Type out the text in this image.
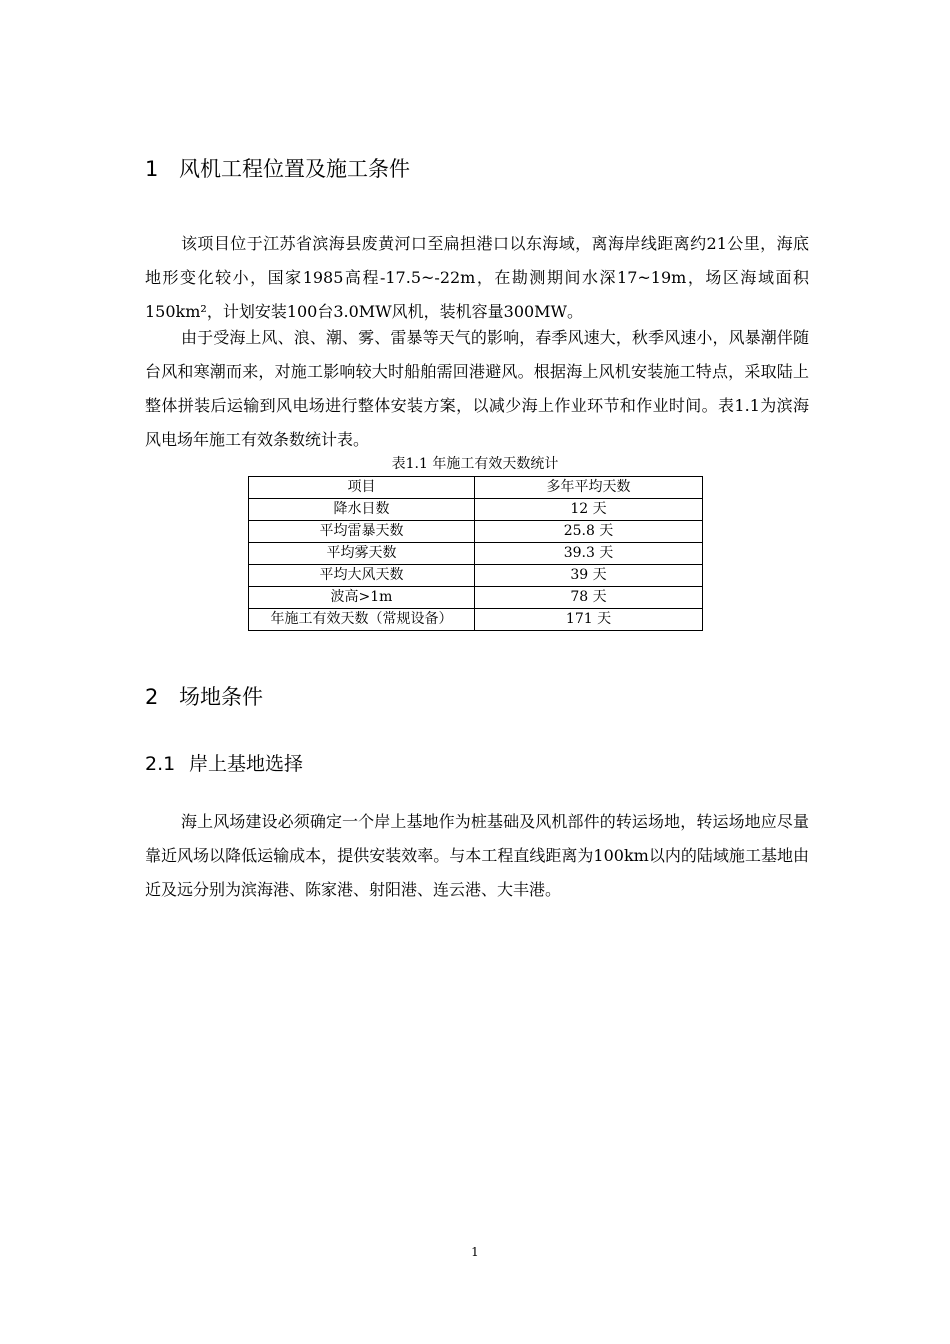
1 风机工程位置及施工条件

该项目位于江苏省滨海县废黄河口至扁担港口以东海域，离海岸线距离约21公里，海底地形变化较小，国家1985高程-17.5~-22m，在勘测期间水深17~19m，场区海域面积150km²，计划安装100台3.0MW风机，装机容量300MW。

由于受海上风、浪、潮、雾、雷暴等天气的影响，春季风速大，秋季风速小，风暴潮伴随台风和寒潮而来，对施工影响较大时船舶需回港避风。根据海上风机安装施工特点，采取陆上整体拼装后运输到风电场进行整体安装方案，以减少海上作业环节和作业时间。表1.1为滨海风电场年施工有效条数统计表。

表1.1 年施工有效天数统计
项目	多年平均天数
降水日数	12 天
平均雷暴天数	25.8 天
平均雾天数	39.3 天
平均大风天数	39 天
波高>1m	78 天
年施工有效天数（常规设备）	171 天
2 场地条件
2.1 岸上基地选择

海上风场建设必须确定一个岸上基地作为桩基础及风机部件的转运场地，转运场地应尽量靠近风场以降低运输成本，提供安装效率。与本工程直线距离为100km以内的陆域施工基地由近及远分别为滨海港、陈家港、射阳港、连云港、大丰港。

1
